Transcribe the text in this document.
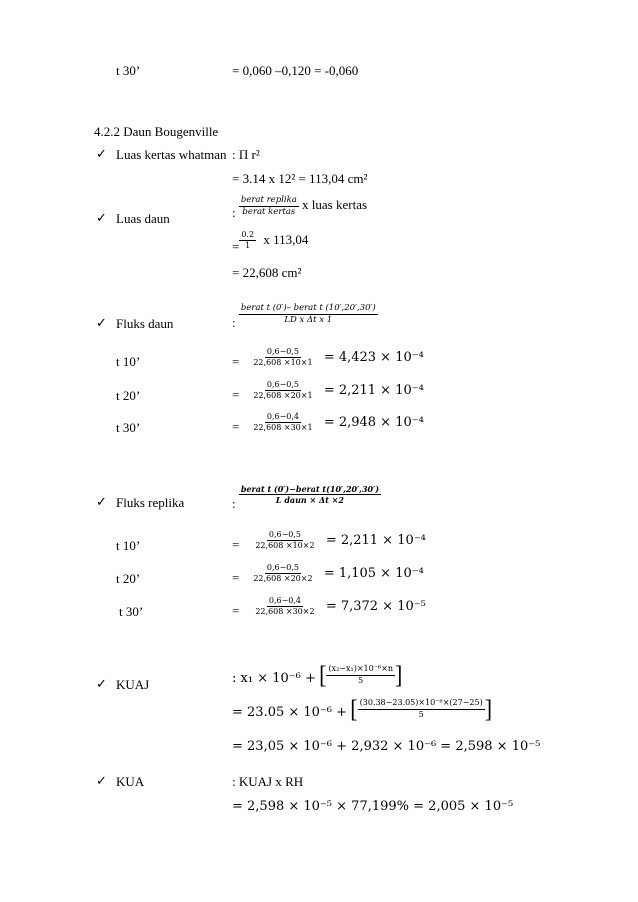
t 30’	= 0,060 –0,120 = -0,060
4.2.2 Daun Bougenville
✓ Luas kertas whatman : Π r²
= 3.14 x 12² = 113,04 cm²
✓ Luas daun	: $\frac{\text{berat replika}}{\text{berat kertas}}$ x luas kertas
= $\frac{0.2}{1}$ x 113,04
= 22,608 cm²
✓ Fluks daun	: $\frac{\text{berat t (0′)– berat t (10′,20′,30′)}}{\text{LD x Δt x 1}}$
t 10’	= $\frac{0,6-0,5}{22,608 \times 10\times 1} = 4,423 \times 10^{-4}$
t 20’	= $\frac{0,6-0,5}{22,608 \times 20\times 1} = 2,211 \times 10^{-4}$
t 30’	= $\frac{0,6-0,4}{22,608 \times 30\times 1} = 2,948 \times 10^{-4}$
✓ Fluks replika	: $\frac{\text{berat t (0′)−berat t(10′,20′,30′)}}{\text{L daun × Δt ×2}}$
t 10’	= $\frac{0,6-0,5}{22,608 \times 10\times 2} = 2,211 \times 10^{-4}$
t 20’	= $\frac{0,6-0,5}{22,608 \times 20\times 2} = 1,105 \times 10^{-4}$
t 30’	= $\frac{0,6-0,4}{22,608 \times 30\times 2} = 7,372 \times 10^{-5}$
✓ KUAJ	: x₁ × 10⁻⁶ + [ $\frac{\text{(x₂−x₁)×10⁻⁶×n}}{5}$ ]
= 23.05 × 10⁻⁶ + [ $\frac{\text{(30.38−23.05)×10⁻⁶×(27−25)}}{5}$ ]
= 23,05 × 10⁻⁶ + 2,932 × 10⁻⁶ = 2,598 × 10⁻⁵
✓ KUA	: KUAJ x RH
= 2,598 × 10⁻⁵ × 77,199% = 2,005 × 10⁻⁵
